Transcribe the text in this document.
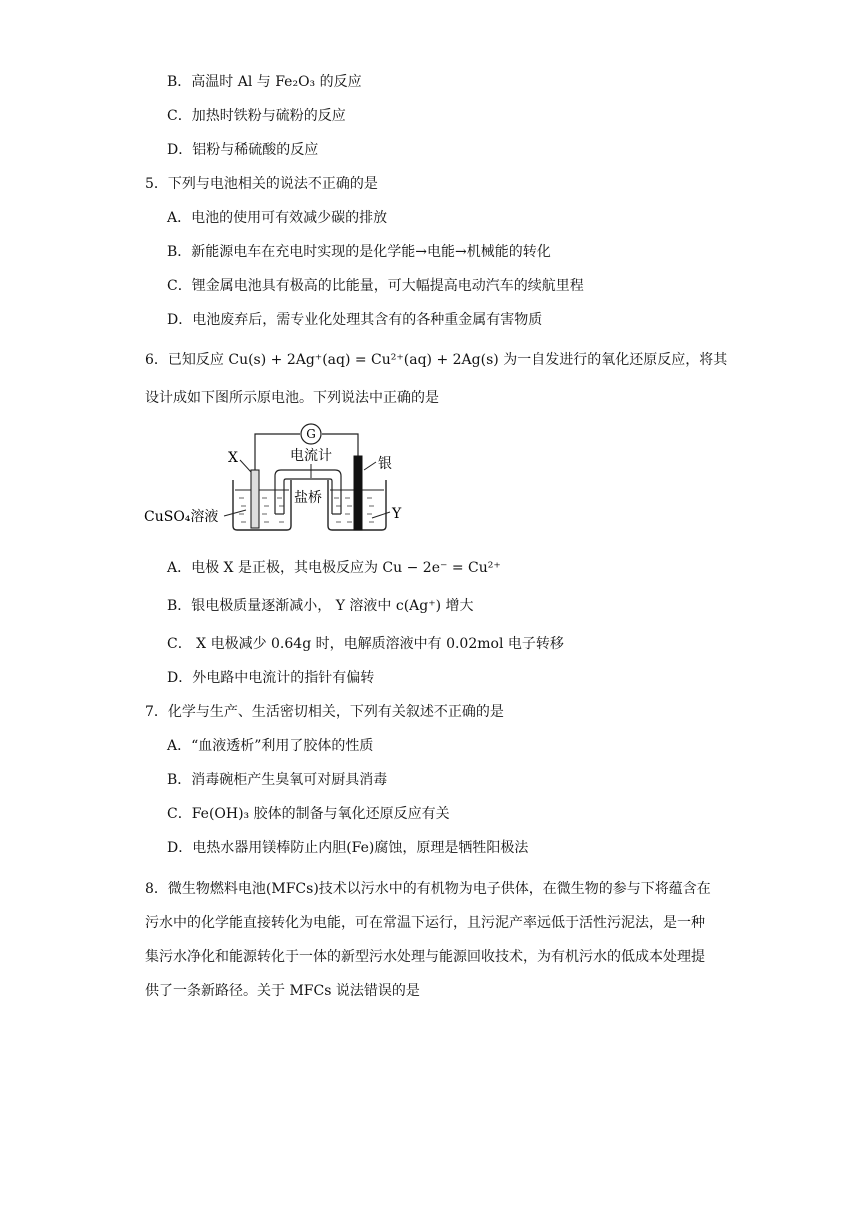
B．高温时 Al 与 Fe₂O₃ 的反应
C．加热时铁粉与硫粉的反应
D．铝粉与稀硫酸的反应
5．下列与电池相关的说法不正确的是
A．电池的使用可有效减少碳的排放
B．新能源电车在充电时实现的是化学能→电能→机械能的转化
C．锂金属电池具有极高的比能量，可大幅提高电动汽车的续航里程
D．电池废弃后，需专业化处理其含有的各种重金属有害物质
6．已知反应 Cu(s) + 2Ag⁺(aq) = Cu²⁺(aq) + 2Ag(s) 为一自发进行的氧化还原反应，将其
设计成如下图所示原电池。下列说法中正确的是
G
电流计
X	银
盐桥
CuSO₄溶液	Y
A．电极 X 是正极，其电极反应为 Cu − 2e⁻ = Cu²⁺
B．银电极质量逐渐减小， Y 溶液中 c(Ag⁺) 增大
C． X 电极减少 0.64g 时，电解质溶液中有 0.02mol 电子转移
D．外电路中电流计的指针有偏转
7．化学与生产、生活密切相关，下列有关叙述不正确的是
A．“血液透析”利用了胶体的性质
B．消毒碗柜产生臭氧可对厨具消毒
C．Fe(OH)₃ 胶体的制备与氧化还原反应有关
D．电热水器用镁棒防止内胆(Fe)腐蚀，原理是牺牲阳极法
8．微生物燃料电池(MFCs)技术以污水中的有机物为电子供体，在微生物的参与下将蕴含在污水中的化学能直接转化为电能，可在常温下运行，且污泥产率远低于活性污泥法，是一种集污水净化和能源转化于一体的新型污水处理与能源回收技术，为有机污水的低成本处理提供了一条新路径。关于 MFCs 说法错误的是
